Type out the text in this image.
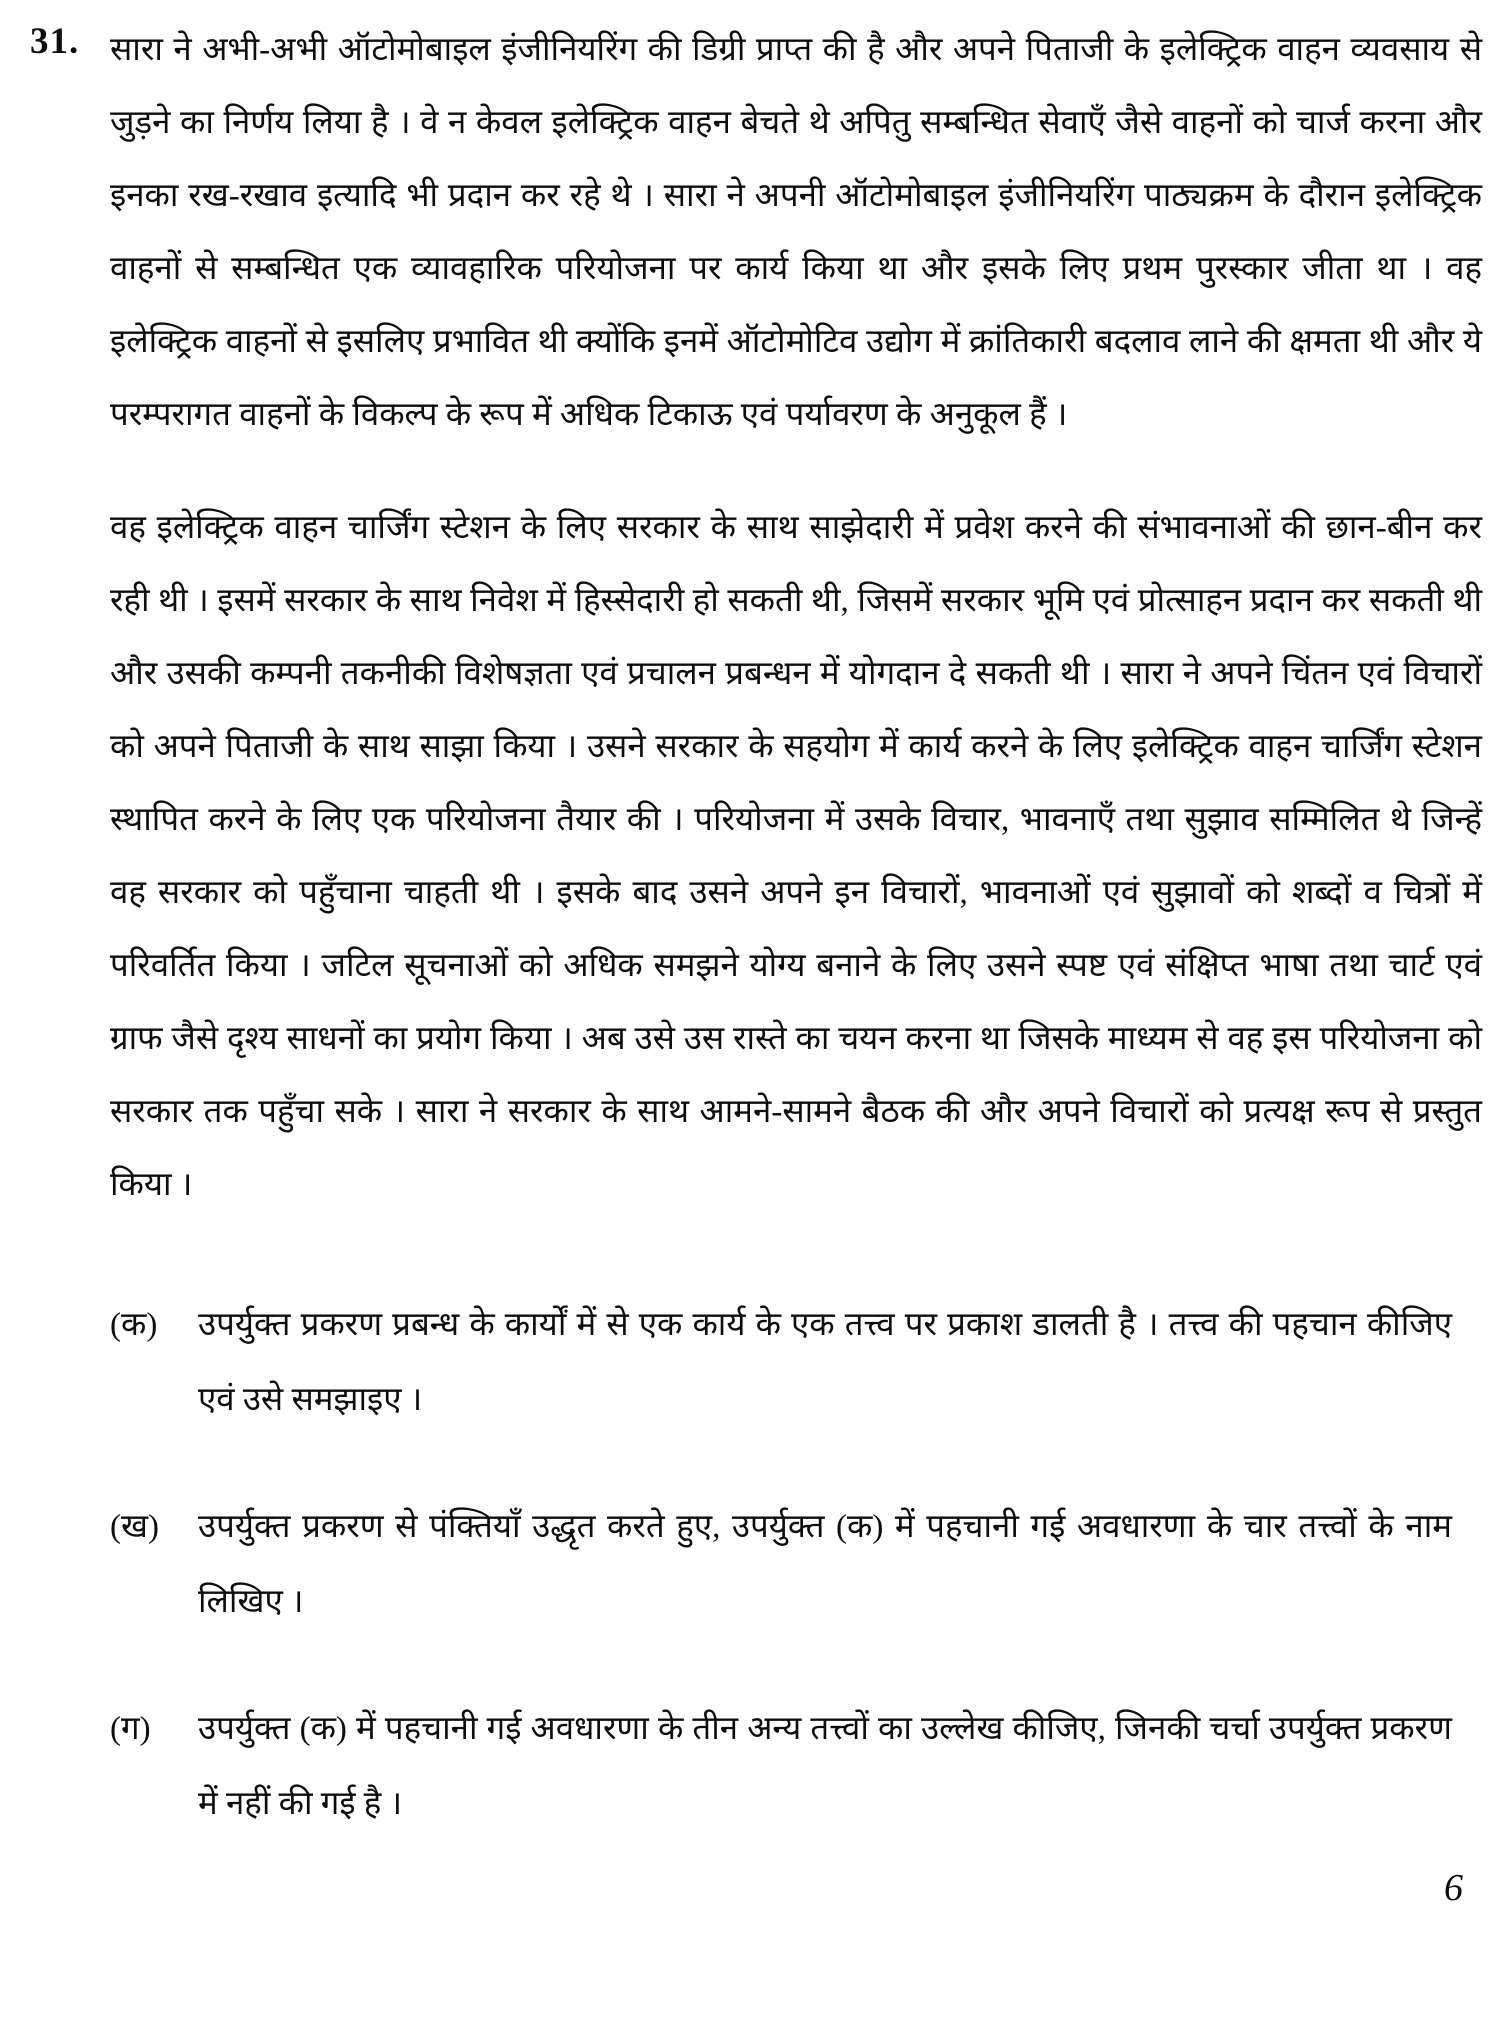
31. सारा ने अभी-अभी ऑटोमोबाइल इंजीनियरिंग की डिग्री प्राप्त की है और अपने पिताजी के इलेक्ट्रिक वाहन व्यवसाय से जुड़ने का निर्णय लिया है । वे न केवल इलेक्ट्रिक वाहन बेचते थे अपितु सम्बन्धित सेवाएँ जैसे वाहनों को चार्ज करना और इनका रख-रखाव इत्यादि भी प्रदान कर रहे थे । सारा ने अपनी ऑटोमोबाइल इंजीनियरिंग पाठ्यक्रम के दौरान इलेक्ट्रिक वाहनों से सम्बन्धित एक व्यावहारिक परियोजना पर कार्य किया था और इसके लिए प्रथम पुरस्कार जीता था । वह इलेक्ट्रिक वाहनों से इसलिए प्रभावित थी क्योंकि इनमें ऑटोमोटिव उद्योग में क्रांतिकारी बदलाव लाने की क्षमता थी और ये परम्परागत वाहनों के विकल्प के रूप में अधिक टिकाऊ एवं पर्यावरण के अनुकूल हैं ।

वह इलेक्ट्रिक वाहन चार्जिंग स्टेशन के लिए सरकार के साथ साझेदारी में प्रवेश करने की संभावनाओं की छान-बीन कर रही थी । इसमें सरकार के साथ निवेश में हिस्सेदारी हो सकती थी, जिसमें सरकार भूमि एवं प्रोत्साहन प्रदान कर सकती थी और उसकी कम्पनी तकनीकी विशेषज्ञता एवं प्रचालन प्रबन्धन में योगदान दे सकती थी । सारा ने अपने चिंतन एवं विचारों को अपने पिताजी के साथ साझा किया । उसने सरकार के सहयोग में कार्य करने के लिए इलेक्ट्रिक वाहन चार्जिंग स्टेशन स्थापित करने के लिए एक परियोजना तैयार की । परियोजना में उसके विचार, भावनाएँ तथा सुझाव सम्मिलित थे जिन्हें वह सरकार को पहुँचाना चाहती थी । इसके बाद उसने अपने इन विचारों, भावनाओं एवं सुझावों को शब्दों व चित्रों में परिवर्तित किया । जटिल सूचनाओं को अधिक समझने योग्य बनाने के लिए उसने स्पष्ट एवं संक्षिप्त भाषा तथा चार्ट एवं ग्राफ जैसे दृश्य साधनों का प्रयोग किया । अब उसे उस रास्ते का चयन करना था जिसके माध्यम से वह इस परियोजना को सरकार तक पहुँचा सके । सारा ने सरकार के साथ आमने-सामने बैठक की और अपने विचारों को प्रत्यक्ष रूप से प्रस्तुत किया ।

(क)	उपर्युक्त प्रकरण प्रबन्ध के कार्यों में से एक कार्य के एक तत्त्व पर प्रकाश डालती है । तत्त्व की पहचान कीजिए एवं उसे समझाइए ।
(ख)	उपर्युक्त प्रकरण से पंक्तियाँ उद्धृत करते हुए, उपर्युक्त (क) में पहचानी गई अवधारणा के चार तत्त्वों के नाम लिखिए ।
(ग)	उपर्युक्त (क) में पहचानी गई अवधारणा के तीन अन्य तत्त्वों का उल्लेख कीजिए, जिनकी चर्चा उपर्युक्त प्रकरण में नहीं की गई है ।
6
